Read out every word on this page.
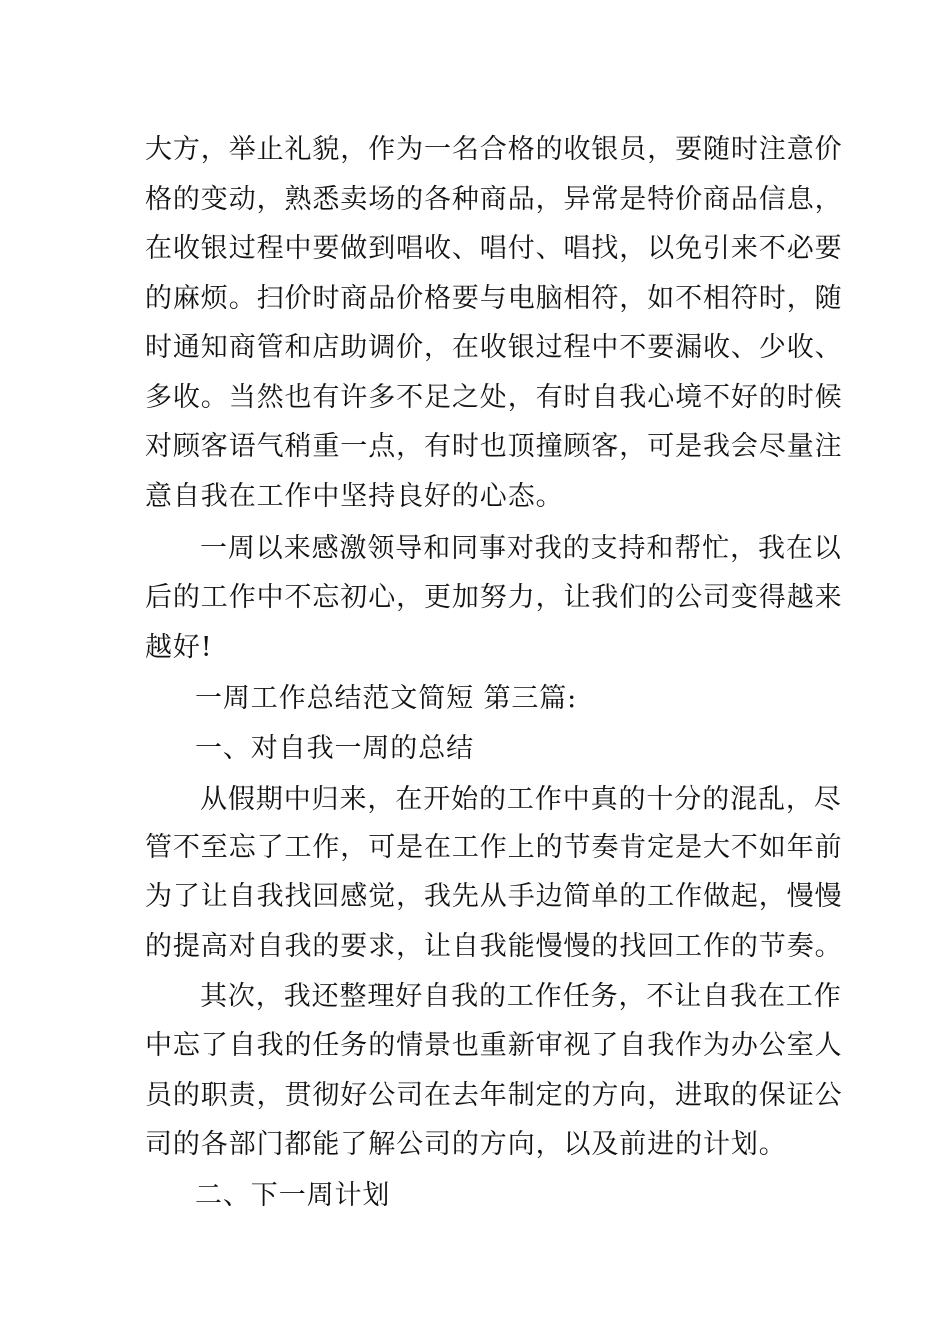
大方，举止礼貌，作为一名合格的收银员，要随时注意价
格的变动，熟悉卖场的各种商品，异常是特价商品信息，
在收银过程中要做到唱收、唱付、唱找，以免引来不必要
的麻烦。扫价时商品价格要与电脑相符，如不相符时，随
时通知商管和店助调价，在收银过程中不要漏收、少收、
多收。当然也有许多不足之处，有时自我心境不好的时候
对顾客语气稍重一点，有时也顶撞顾客，可是我会尽量注
意自我在工作中坚持良好的心态。
一周以来感激领导和同事对我的支持和帮忙，我在以
后的工作中不忘初心，更加努力，让我们的公司变得越来
越好!
一周工作总结范文简短 第三篇:
一、对自我一周的总结
从假期中归来，在开始的工作中真的十分的混乱，尽
管不至忘了工作，可是在工作上的节奏肯定是大不如年前
为了让自我找回感觉，我先从手边简单的工作做起，慢慢
的提高对自我的要求，让自我能慢慢的找回工作的节奏。
其次，我还整理好自我的工作任务，不让自我在工作
中忘了自我的任务的情景也重新审视了自我作为办公室人
员的职责，贯彻好公司在去年制定的方向，进取的保证公
司的各部门都能了解公司的方向，以及前进的计划。
二、下一周计划
